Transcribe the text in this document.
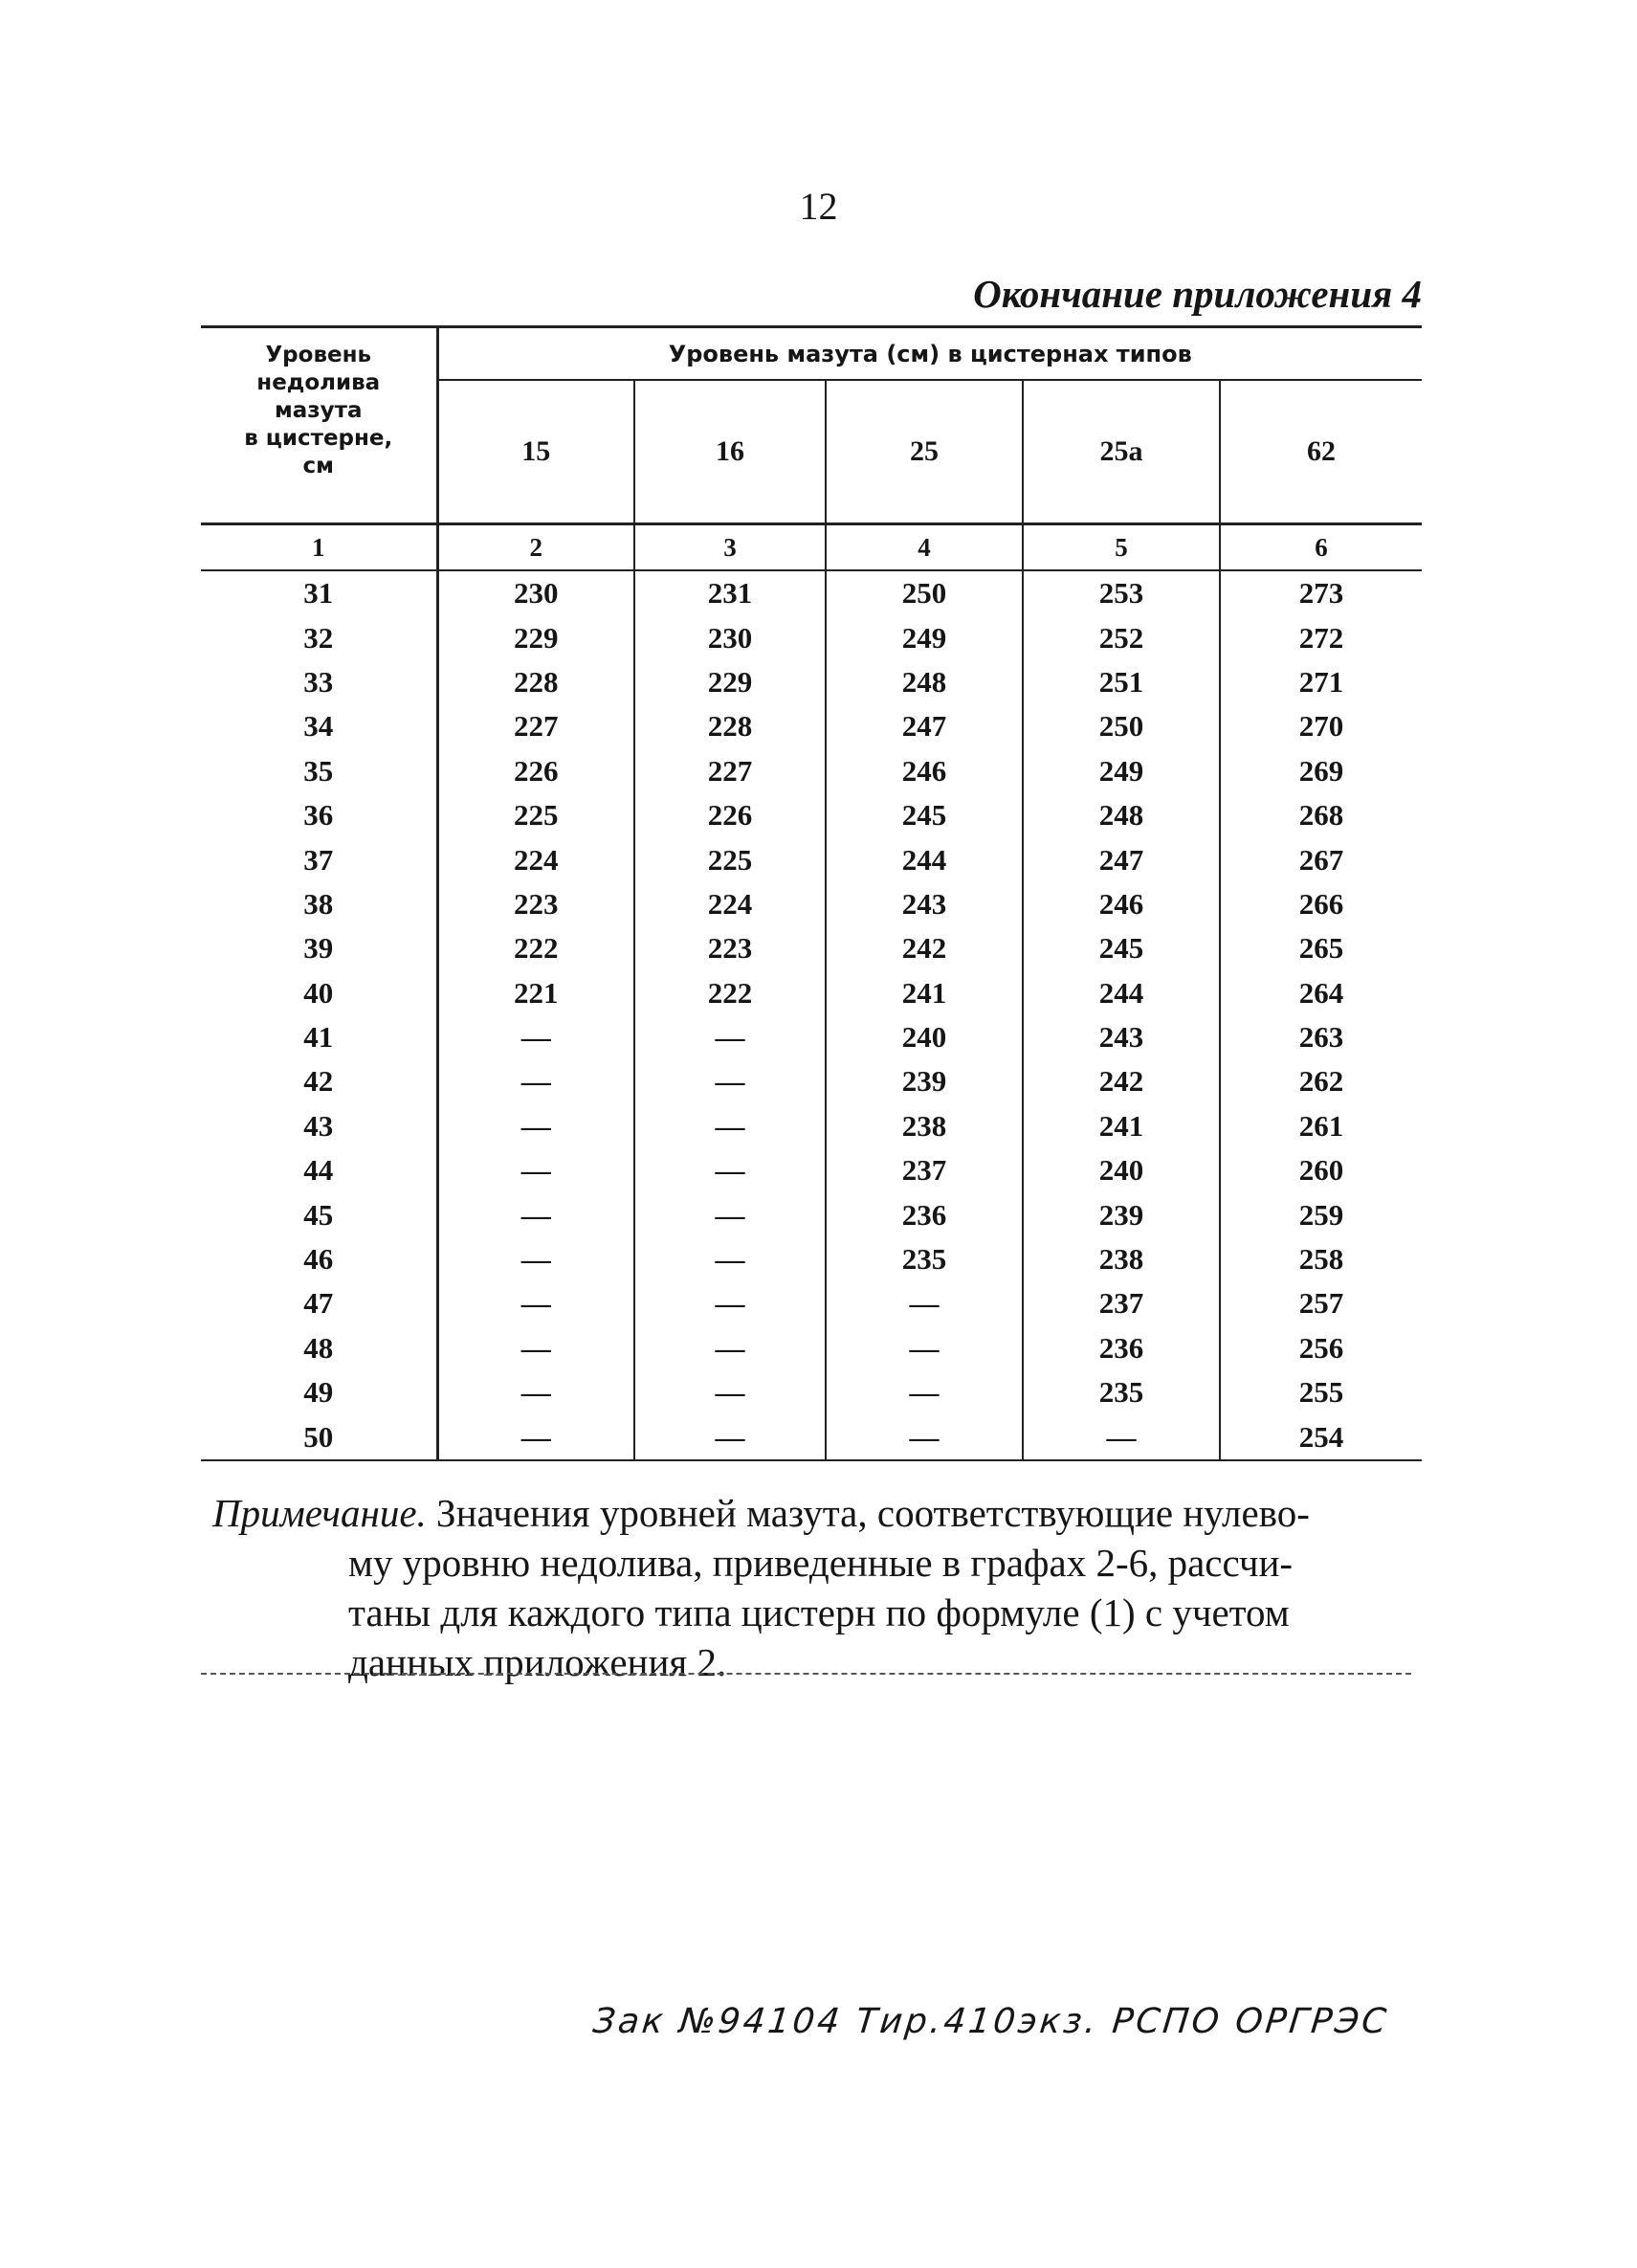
12
Окончание приложения 4
Уровень
недолива
мазута
в цистерне,
см	Уровень мазута (см) в цистернах типов				
	15	16	25	25а	62
1	2	3	4	5	6
31	230	231	250	253	273
32	229	230	249	252	272
33	228	229	248	251	271
34	227	228	247	250	270
35	226	227	246	249	269
36	225	226	245	248	268
37	224	225	244	247	267
38	223	224	243	246	266
39	222	223	242	245	265
40	221	222	241	244	264
41	—	—	240	243	263
42	—	—	239	242	262
43	—	—	238	241	261
44	—	—	237	240	260
45	—	—	236	239	259
46	—	—	235	238	258
47	—	—	—	237	257
48	—	—	—	236	256
49	—	—	—	235	255
50	—	—	—	—	254
Примечание. Значения уровней мазута, соответствующие нулево-
му уровню недолива, приведенные в графах 2-6, рассчи-
таны для каждого типа цистерн по формуле (1) с учетом
данных приложения 2.
Зак №94104 Тир.410экз. РСПО ОРГРЭС
